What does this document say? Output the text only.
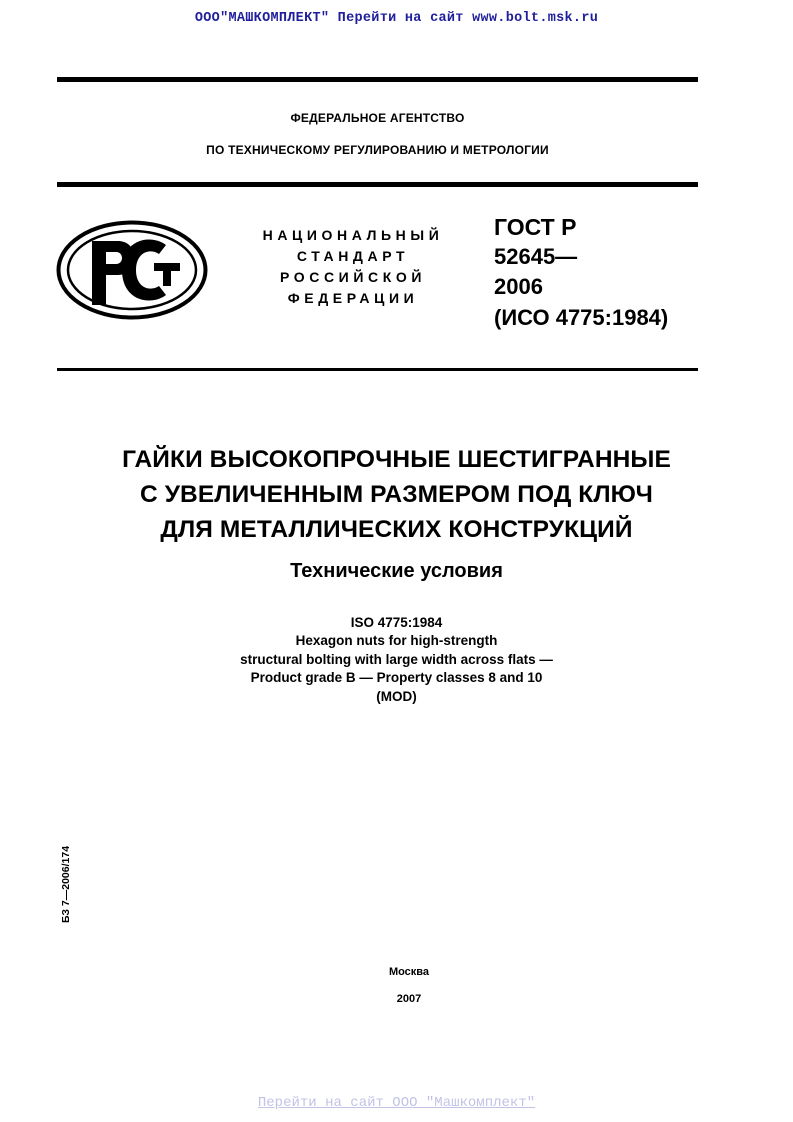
ООО"МАШКОМПЛЕКТ" Перейти на сайт www.bolt.msk.ru
ФЕДЕРАЛЬНОЕ АГЕНТСТВО
ПО ТЕХНИЧЕСКОМУ РЕГУЛИРОВАНИЮ И МЕТРОЛОГИИ
НАЦИОНАЛЬНЫЙ
СТАНДАРТ
РОССИЙСКОЙ
ФЕДЕРАЦИИ
ГОСТ Р
52645—
2006
(ИСО 4775:1984)
ГАЙКИ ВЫСОКОПРОЧНЫЕ ШЕСТИГРАННЫЕ
С УВЕЛИЧЕННЫМ РАЗМЕРОМ ПОД КЛЮЧ
ДЛЯ МЕТАЛЛИЧЕСКИХ КОНСТРУКЦИЙ
Технические условия
ISO 4775:1984
Hexagon nuts for high-strength
structural bolting with large width across flats —
Product grade B — Property classes 8 and 10
(MOD)
БЗ 7—2006/174
Москва
2007
Перейти на сайт ООО "Машкомплект"
